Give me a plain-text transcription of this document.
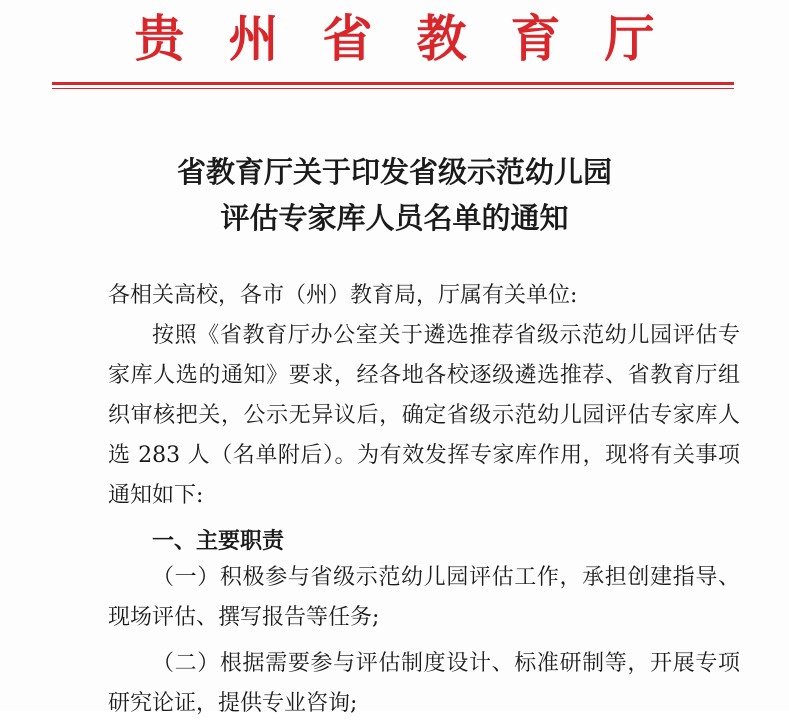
贵州省教育厅
省教育厅关于印发省级示范幼儿园
评估专家库人员名单的通知

各相关高校，各市（州）教育局，厅属有关单位:

按照《省教育厅办公室关于遴选推荐省级示范幼儿园评估专家库人选的通知》要求，经各地各校逐级遴选推荐、省教育厅组织审核把关，公示无异议后，确定省级示范幼儿园评估专家库人选 283 人（名单附后）。为有效发挥专家库作用，现将有关事项通知如下:

一、主要职责

（一）积极参与省级示范幼儿园评估工作，承担创建指导、现场评估、撰写报告等任务;

（二）根据需要参与评估制度设计、标准研制等，开展专项研究论证，提供专业咨询;
